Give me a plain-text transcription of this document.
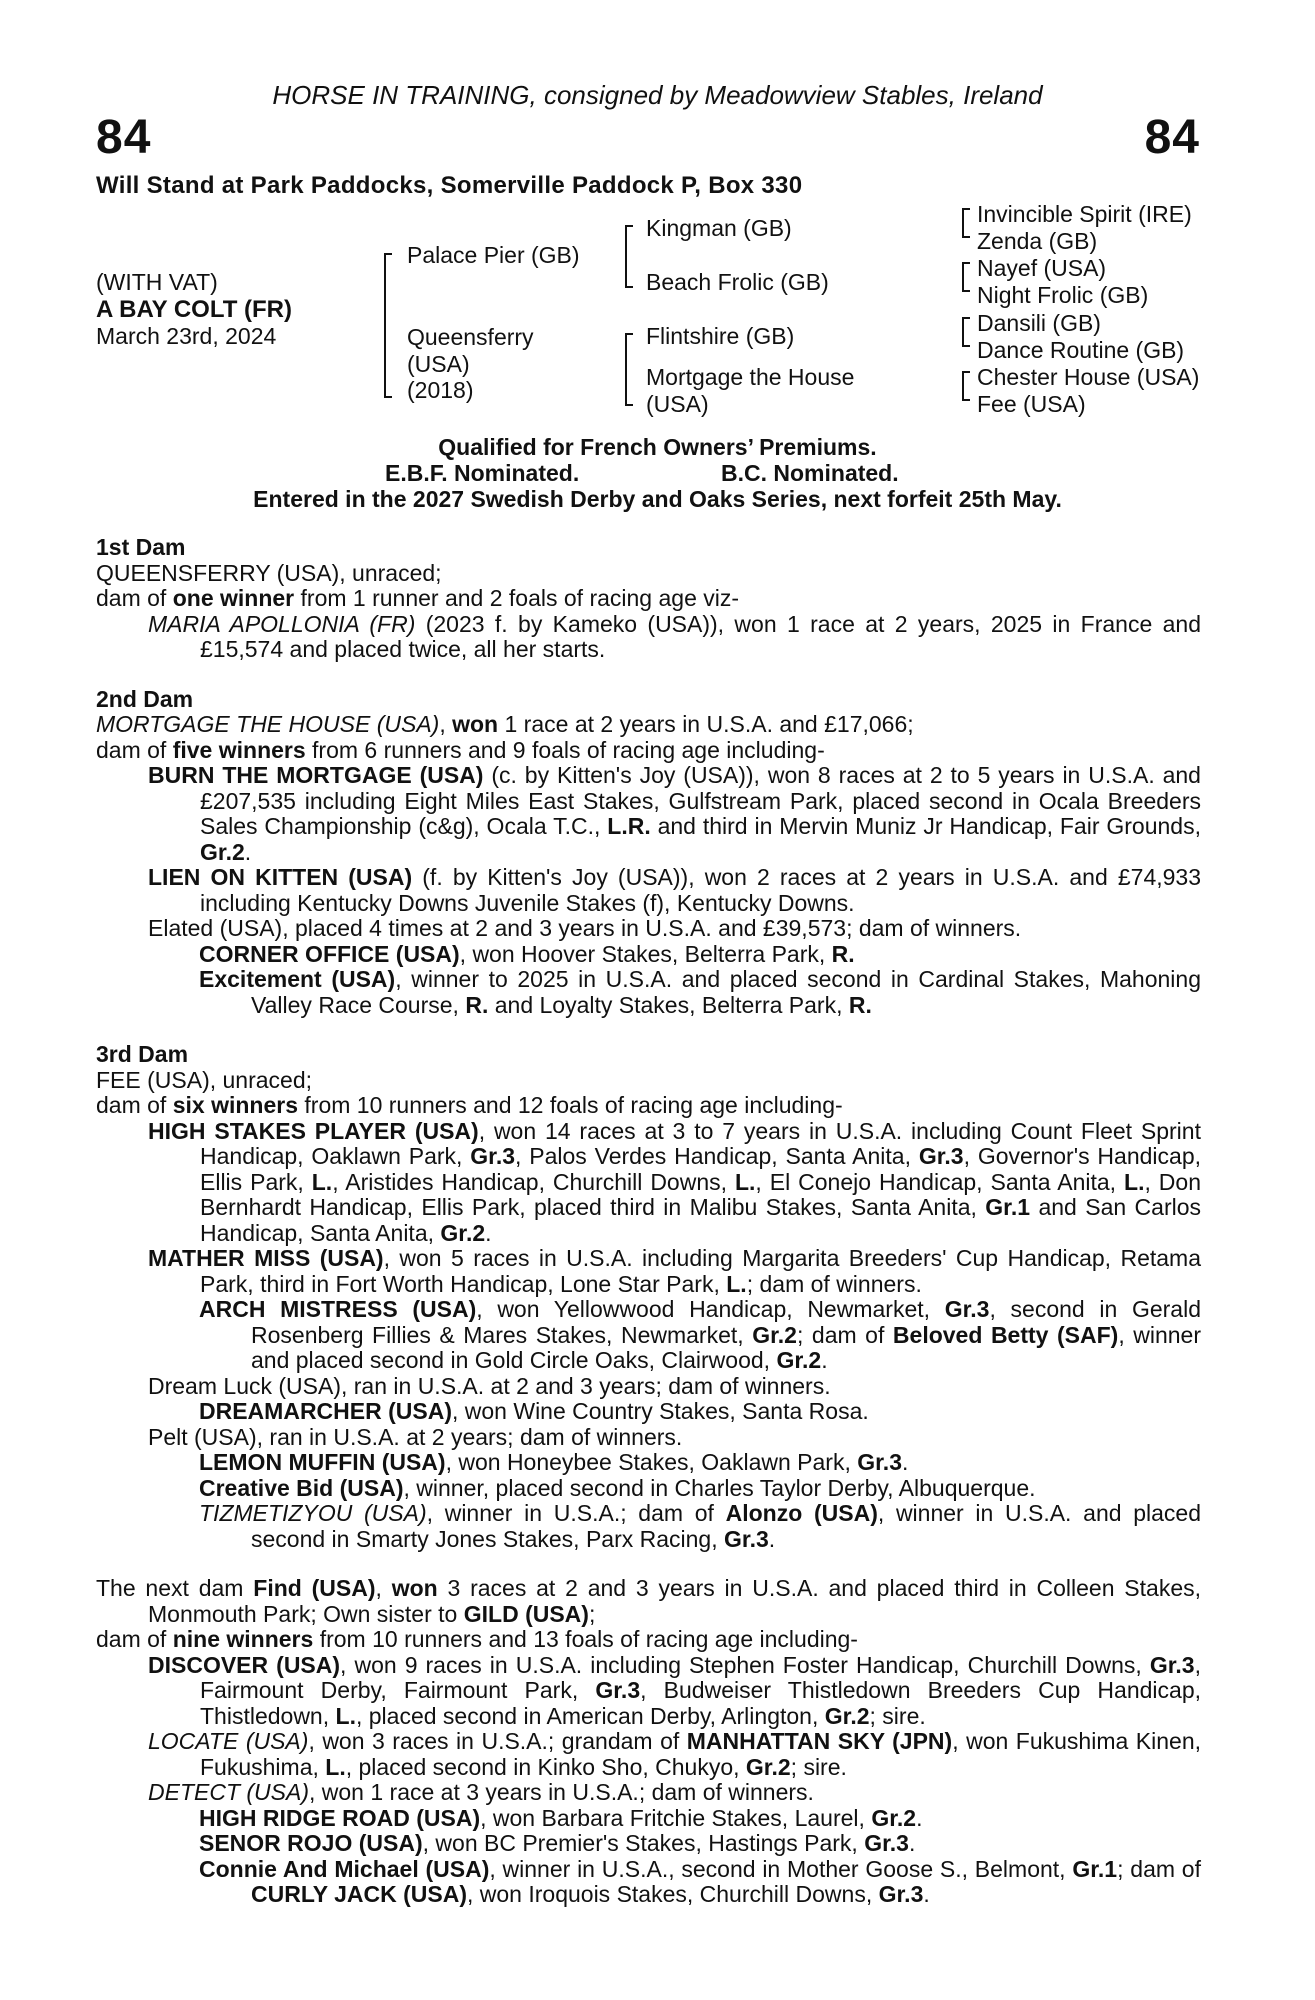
HORSE IN TRAINING, consigned by Meadowview Stables, Ireland
84	84
Will Stand at Park Paddocks, Somerville Paddock P, Box 330
(WITH VAT)
A BAY COLT (FR)
March 23rd, 2024
Palace Pier (GB)
Queensferry
(USA)
(2018)
Kingman (GB)
Beach Frolic (GB)
Flintshire (GB)
Mortgage the House
(USA)
Invincible Spirit (IRE)
Zenda (GB)
Nayef (USA)
Night Frolic (GB)
Dansili (GB)
Dance Routine (GB)
Chester House (USA)
Fee (USA)
Qualified for French Owners’ Premiums.
E.B.F. Nominated.	B.C. Nominated.
Entered in the 2027 Swedish Derby and Oaks Series, next forfeit 25th May.

1st Dam

QUEENSFERRY (USA), unraced;

dam of one winner from 1 runner and 2 foals of racing age viz-

MARIA APOLLONIA (FR) (2023 f. by Kameko (USA)), won 1 race at 2 years, 2025 in France and £15,574 and placed twice, all her starts.

2nd Dam

MORTGAGE THE HOUSE (USA), won 1 race at 2 years in U.S.A. and £17,066;

dam of five winners from 6 runners and 9 foals of racing age including-

BURN THE MORTGAGE (USA) (c. by Kitten's Joy (USA)), won 8 races at 2 to 5 years in U.S.A. and £207,535 including Eight Miles East Stakes, Gulfstream Park, placed second in Ocala Breeders Sales Championship (c&g), Ocala T.C., L.R. and third in Mervin Muniz Jr Handicap, Fair Grounds, Gr.2.

LIEN ON KITTEN (USA) (f. by Kitten's Joy (USA)), won 2 races at 2 years in U.S.A. and £74,933 including Kentucky Downs Juvenile Stakes (f), Kentucky Downs.

Elated (USA), placed 4 times at 2 and 3 years in U.S.A. and £39,573; dam of winners.

CORNER OFFICE (USA), won Hoover Stakes, Belterra Park, R.

Excitement (USA), winner to 2025 in U.S.A. and placed second in Cardinal Stakes, Mahoning Valley Race Course, R. and Loyalty Stakes, Belterra Park, R.

3rd Dam

FEE (USA), unraced;

dam of six winners from 10 runners and 12 foals of racing age including-

HIGH STAKES PLAYER (USA), won 14 races at 3 to 7 years in U.S.A. including Count Fleet Sprint Handicap, Oaklawn Park, Gr.3, Palos Verdes Handicap, Santa Anita, Gr.3, Governor's Handicap, Ellis Park, L., Aristides Handicap, Churchill Downs, L., El Conejo Handicap, Santa Anita, L., Don Bernhardt Handicap, Ellis Park, placed third in Malibu Stakes, Santa Anita, Gr.1 and San Carlos Handicap, Santa Anita, Gr.2.

MATHER MISS (USA), won 5 races in U.S.A. including Margarita Breeders' Cup Handicap, Retama Park, third in Fort Worth Handicap, Lone Star Park, L.; dam of winners.

ARCH MISTRESS (USA), won Yellowwood Handicap, Newmarket, Gr.3, second in Gerald Rosenberg Fillies & Mares Stakes, Newmarket, Gr.2; dam of Beloved Betty (SAF), winner and placed second in Gold Circle Oaks, Clairwood, Gr.2.

Dream Luck (USA), ran in U.S.A. at 2 and 3 years; dam of winners.

DREAMARCHER (USA), won Wine Country Stakes, Santa Rosa.

Pelt (USA), ran in U.S.A. at 2 years; dam of winners.

LEMON MUFFIN (USA), won Honeybee Stakes, Oaklawn Park, Gr.3.

Creative Bid (USA), winner, placed second in Charles Taylor Derby, Albuquerque.

TIZMETIZYOU (USA), winner in U.S.A.; dam of Alonzo (USA), winner in U.S.A. and placed second in Smarty Jones Stakes, Parx Racing, Gr.3.

The next dam Find (USA), won 3 races at 2 and 3 years in U.S.A. and placed third in Colleen Stakes, Monmouth Park; Own sister to GILD (USA);

dam of nine winners from 10 runners and 13 foals of racing age including-

DISCOVER (USA), won 9 races in U.S.A. including Stephen Foster Handicap, Churchill Downs, Gr.3, Fairmount Derby, Fairmount Park, Gr.3, Budweiser Thistledown Breeders Cup Handicap, Thistledown, L., placed second in American Derby, Arlington, Gr.2; sire.

LOCATE (USA), won 3 races in U.S.A.; grandam of MANHATTAN SKY (JPN), won Fukushima Kinen, Fukushima, L., placed second in Kinko Sho, Chukyo, Gr.2; sire.

DETECT (USA), won 1 race at 3 years in U.S.A.; dam of winners.

HIGH RIDGE ROAD (USA), won Barbara Fritchie Stakes, Laurel, Gr.2.

SENOR ROJO (USA), won BC Premier's Stakes, Hastings Park, Gr.3.

Connie And Michael (USA), winner in U.S.A., second in Mother Goose S., Belmont, Gr.1; dam of CURLY JACK (USA), won Iroquois Stakes, Churchill Downs, Gr.3.
